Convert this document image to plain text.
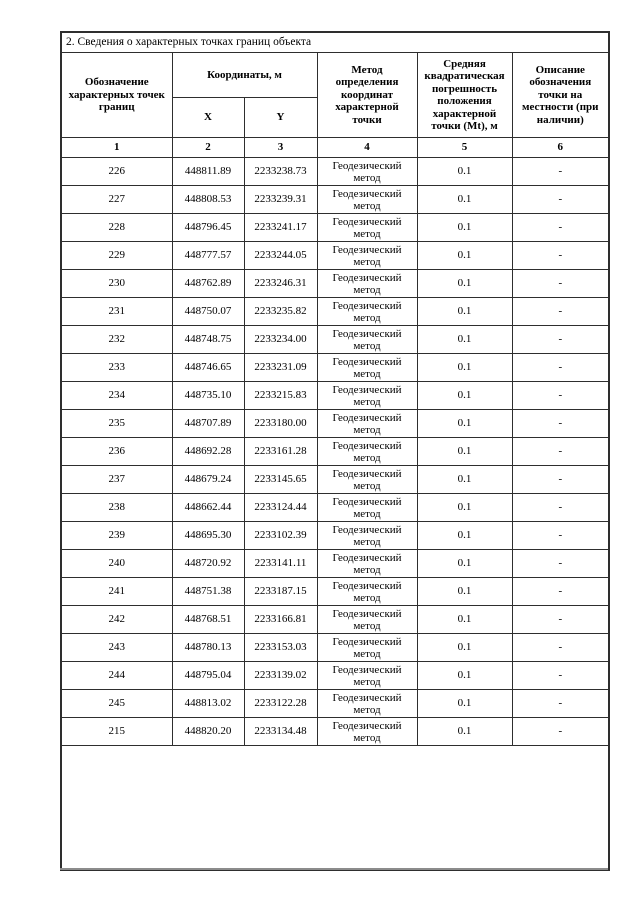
2. Сведения о характерных точках границ объекта					
Обозначение характерных точек границ	Координаты, м		Метод определения координат характерной точки	Средняя квадратическая погрешность положения характерной точки (Mt), м	Описание обозначения точки на местности (при наличии)
	X	Y			
1	2	3	4	5	6
226	448811.89	2233238.73	Геодезический метод	0.1	-
227	448808.53	2233239.31	Геодезический метод	0.1	-
228	448796.45	2233241.17	Геодезический метод	0.1	-
229	448777.57	2233244.05	Геодезический метод	0.1	-
230	448762.89	2233246.31	Геодезический метод	0.1	-
231	448750.07	2233235.82	Геодезический метод	0.1	-
232	448748.75	2233234.00	Геодезический метод	0.1	-
233	448746.65	2233231.09	Геодезический метод	0.1	-
234	448735.10	2233215.83	Геодезический метод	0.1	-
235	448707.89	2233180.00	Геодезический метод	0.1	-
236	448692.28	2233161.28	Геодезический метод	0.1	-
237	448679.24	2233145.65	Геодезический метод	0.1	-
238	448662.44	2233124.44	Геодезический метод	0.1	-
239	448695.30	2233102.39	Геодезический метод	0.1	-
240	448720.92	2233141.11	Геодезический метод	0.1	-
241	448751.38	2233187.15	Геодезический метод	0.1	-
242	448768.51	2233166.81	Геодезический метод	0.1	-
243	448780.13	2233153.03	Геодезический метод	0.1	-
244	448795.04	2233139.02	Геодезический метод	0.1	-
245	448813.02	2233122.28	Геодезический метод	0.1	-
215	448820.20	2233134.48	Геодезический метод	0.1	-
